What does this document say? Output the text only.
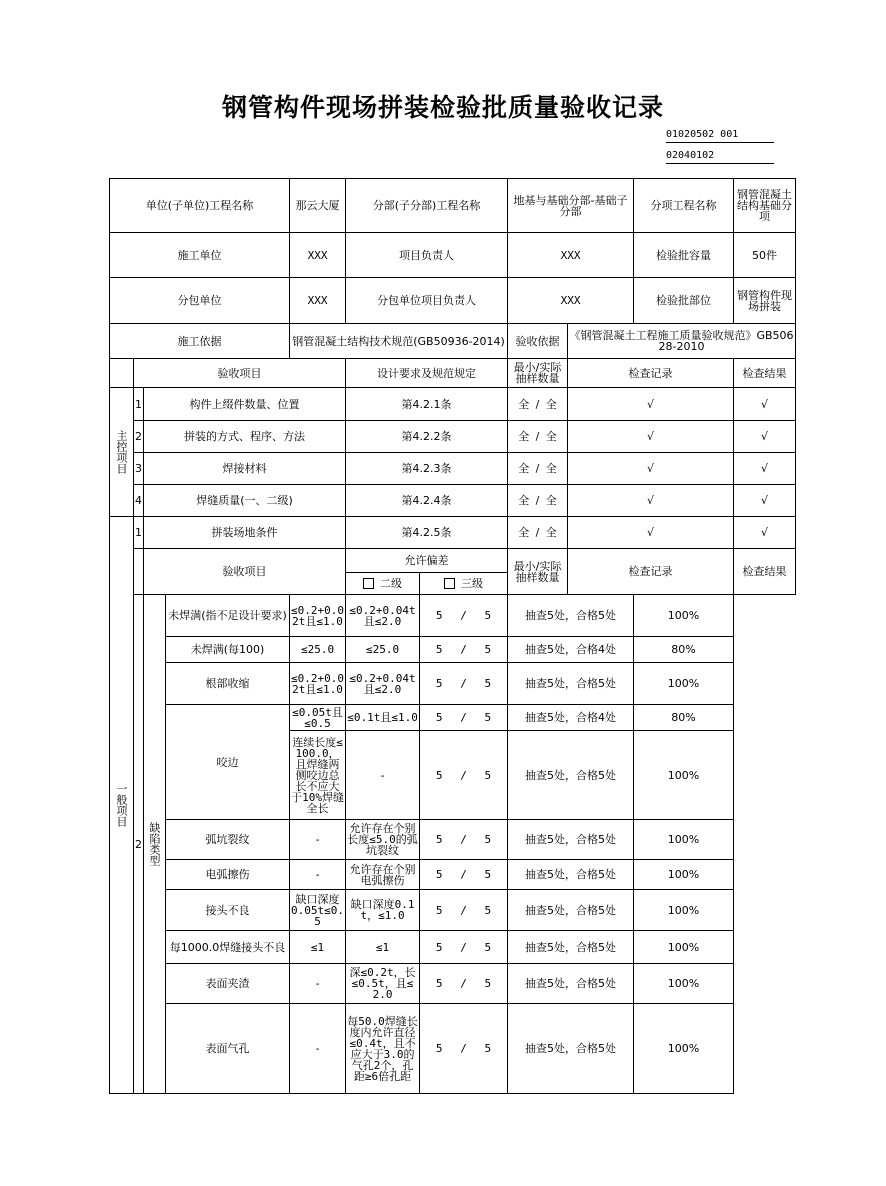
钢管构件现场拼装检验批质量验收记录
01020502 001
02040102
单位(子单位)工程名称				那云大厦	分部(子分部)工程名称		地基与基础分部-基础子分部		分项工程名称	钢管混凝土结构基础分项
施工单位				XXX	项目负责人		XXX		检验批容量	50件
分包单位				XXX	分包单位项目负责人		XXX		检验批部位	钢管构件现场拼装
施工依据				钢管混凝土结构技术规范(GB50936-2014)			验收依据	《钢管混凝土工程施工质量验收规范》GB50628-2010		
	验收项目				设计要求及规范规定		最小/实际抽样数量	检查记录		检查结果
主控项目	1	构件上缀件数量、位置			第4.2.1条		全 / 全	√		√
	2	拼装的方式、程序、方法			第4.2.2条		全 / 全	√		√
	3	焊接材料			第4.2.3条		全 / 全	√		√
	4	焊缝质量(一、二级)			第4.2.4条		全 / 全	√		√
一般项目	1	拼装场地条件			第4.2.5条		全 / 全	√		√
		验收项目			允许偏差		最小/实际抽样数量	检查记录		检查结果
					二级	三级				
	2	缺陷类型	未焊满(指不足设计要求)	≤0.2+0.02t且≤1.0	≤0.2+0.04t且≤2.0	5 / 5	抽查5处，合格5处		100%	
			未焊满(每100)	≤25.0	≤25.0	5 / 5	抽查5处，合格4处		80%	
			根部收缩	≤0.2+0.02t且≤1.0	≤0.2+0.04t且≤2.0	5 / 5	抽查5处，合格5处		100%	
			咬边	≤0.05t且≤0.5	≤0.1t且≤1.0	5 / 5	抽查5处，合格4处		80%	
				连续长度≤100.0，且焊缝两侧咬边总长不应大于10%焊缝全长	-	5 / 5	抽查5处，合格5处		100%	
			弧坑裂纹	-	允许存在个别长度≤5.0的弧坑裂纹	5 / 5	抽查5处，合格5处		100%	
			电弧擦伤	-	允许存在个别电弧擦伤	5 / 5	抽查5处，合格5处		100%	
			接头不良	缺口深度0.05t≤0.5	缺口深度0.1t，≤1.0	5 / 5	抽查5处，合格5处		100%	
			每1000.0焊缝接头不良	≤1	≤1	5 / 5	抽查5处，合格5处		100%	
			表面夹渣	-	深≤0.2t，长≤0.5t，且≤2.0	5 / 5	抽查5处，合格5处		100%	
			表面气孔	-	每50.0焊缝长度内允许直径≤0.4t，且不应大于3.0的气孔2个，孔距≥6倍孔距	5 / 5	抽查5处，合格5处		100%	
